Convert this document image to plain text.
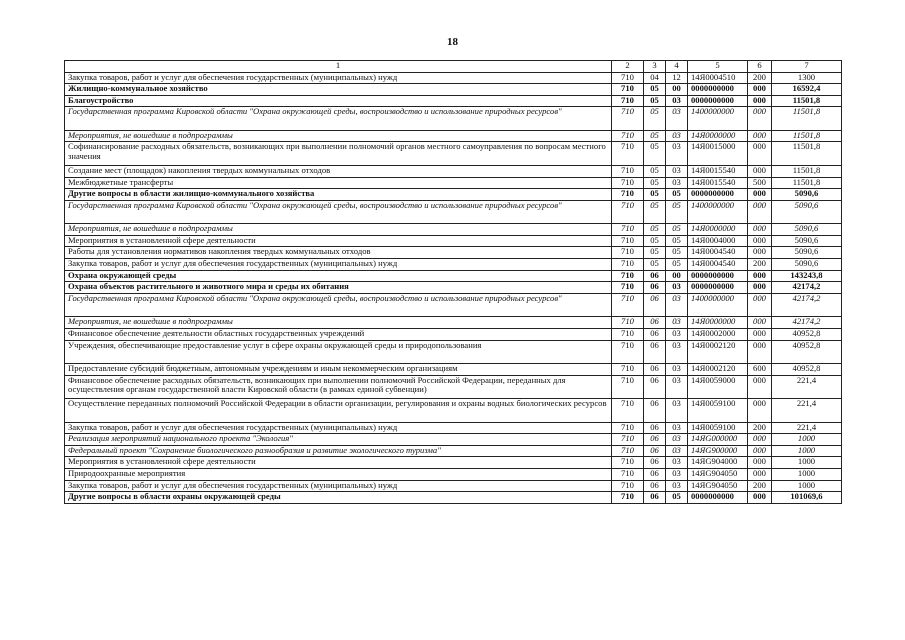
18
1	2	3	4	5	6	7
Закупка товаров, работ и услуг для обеспечения государственных (муниципальных) нужд	710	04	12	14Я0004510	200	1300
Жилищно-коммунальное хозяйство	710	05	00	0000000000	000	16592,4
Благоустройство	710	05	03	0000000000	000	11501,8
Государственная программа Кировской области "Охрана окружающей среды, воспроизводство и использование природных ресурсов"	710	05	03	1400000000	000	11501,8
Мероприятия, не вошедшие в подпрограммы	710	05	03	14Я0000000	000	11501,8
Софинансирование расходных обязательств, возникающих при выполнении полномочий органов местного самоуправления по вопросам местного значения	710	05	03	14Я0015000	000	11501,8
Создание мест (площадок) накопления твердых коммунальных отходов	710	05	03	14Я0015540	000	11501,8
Межбюджетные трансферты	710	05	03	14Я0015540	500	11501,8
Другие вопросы в области жилищно-коммунального хозяйства	710	05	05	0000000000	000	5090,6
Государственная программа Кировской области "Охрана окружающей среды, воспроизводство и использование природных ресурсов"	710	05	05	1400000000	000	5090,6
Мероприятия, не вошедшие в подпрограммы	710	05	05	14Я0000000	000	5090,6
Мероприятия в установленной сфере деятельности	710	05	05	14Я0004000	000	5090,6
Работы для установления нормативов накопления твердых коммунальных отходов	710	05	05	14Я0004540	000	5090,6
Закупка товаров, работ и услуг для обеспечения государственных (муниципальных) нужд	710	05	05	14Я0004540	200	5090,6
Охрана окружающей среды	710	06	00	0000000000	000	143243,8
Охрана объектов растительного и животного мира и среды их обитания	710	06	03	0000000000	000	42174,2
Государственная программа Кировской области "Охрана окружающей среды, воспроизводство и использование природных ресурсов"	710	06	03	1400000000	000	42174,2
Мероприятия, не вошедшие в подпрограммы	710	06	03	14Я0000000	000	42174,2
Финансовое обеспечение деятельности областных государственных учреждений	710	06	03	14Я0002000	000	40952,8
Учреждения, обеспечивающие предоставление услуг в сфере охраны окружающей среды и природопользования	710	06	03	14Я0002120	000	40952,8
Предоставление субсидий бюджетным, автономным учреждениям и иным некоммерческим организациям	710	06	03	14Я0002120	600	40952,8
Финансовое обеспечение расходных обязательств, возникающих при выполнении полномочий Российской Федерации, переданных для осуществления органам государственной власти Кировской области (в рамках единой субвенции)	710	06	03	14Я0059000	000	221,4
Осуществление переданных полномочий Российской Федерации в области организации, регулирования и охраны водных биологических ресурсов	710	06	03	14Я0059100	000	221,4
Закупка товаров, работ и услуг для обеспечения государственных (муниципальных) нужд	710	06	03	14Я0059100	200	221,4
Реализация мероприятий национального проекта "Экология"	710	06	03	14ЯG000000	000	1000
Федеральный проект "Сохранение биологического разнообразия и развитие экологического туризма"	710	06	03	14ЯG900000	000	1000
Мероприятия в установленной сфере деятельности	710	06	03	14ЯG904000	000	1000
Природоохранные мероприятия	710	06	03	14ЯG904050	000	1000
Закупка товаров, работ и услуг для обеспечения государственных (муниципальных) нужд	710	06	03	14ЯG904050	200	1000
Другие вопросы в области охраны окружающей среды	710	06	05	0000000000	000	101069,6
